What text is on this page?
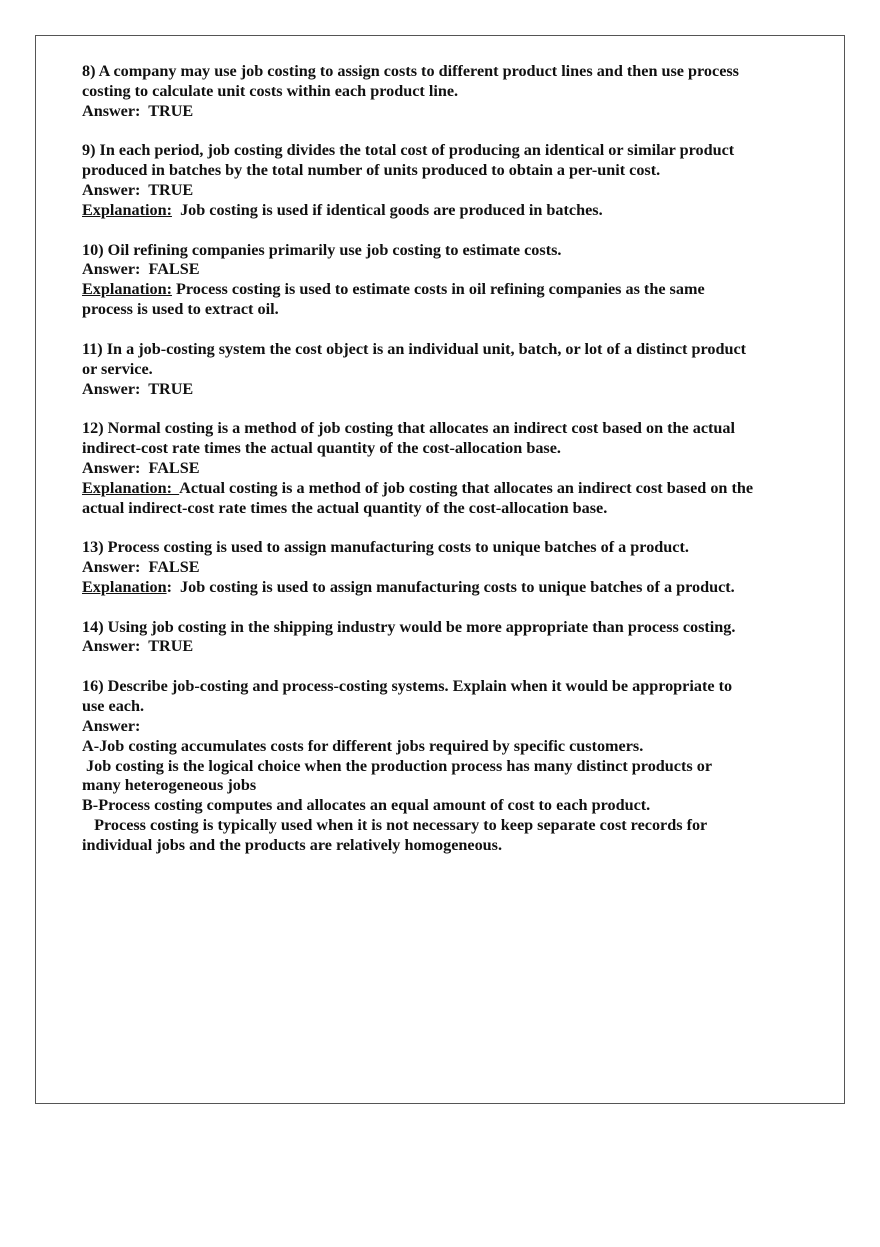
8) A company may use job costing to assign costs to different product lines and then use process
costing to calculate unit costs within each product line.
Answer:  TRUE
9) In each period, job costing divides the total cost of producing an identical or similar product
produced in batches by the total number of units produced to obtain a per-unit cost.
Answer:  TRUE
Explanation:  Job costing is used if identical goods are produced in batches.
10) Oil refining companies primarily use job costing to estimate costs.
Answer:  FALSE
Explanation: Process costing is used to estimate costs in oil refining companies as the same
process is used to extract oil.
11) In a job-costing system the cost object is an individual unit, batch, or lot of a distinct product
or service.
Answer:  TRUE
12) Normal costing is a method of job costing that allocates an indirect cost based on the actual
indirect-cost rate times the actual quantity of the cost-allocation base.
Answer:  FALSE
Explanation:  Actual costing is a method of job costing that allocates an indirect cost based on the
actual indirect-cost rate times the actual quantity of the cost-allocation base.
13) Process costing is used to assign manufacturing costs to unique batches of a product.
Answer:  FALSE
Explanation:  Job costing is used to assign manufacturing costs to unique batches of a product.
14) Using job costing in the shipping industry would be more appropriate than process costing.
Answer:  TRUE
16) Describe job-costing and process-costing systems. Explain when it would be appropriate to
use each.
Answer:
A-Job costing accumulates costs for different jobs required by specific customers.
Job costing is the logical choice when the production process has many distinct products or
many heterogeneous jobs
B-Process costing computes and allocates an equal amount of cost to each product.
Process costing is typically used when it is not necessary to keep separate cost records for
individual jobs and the products are relatively homogeneous.
